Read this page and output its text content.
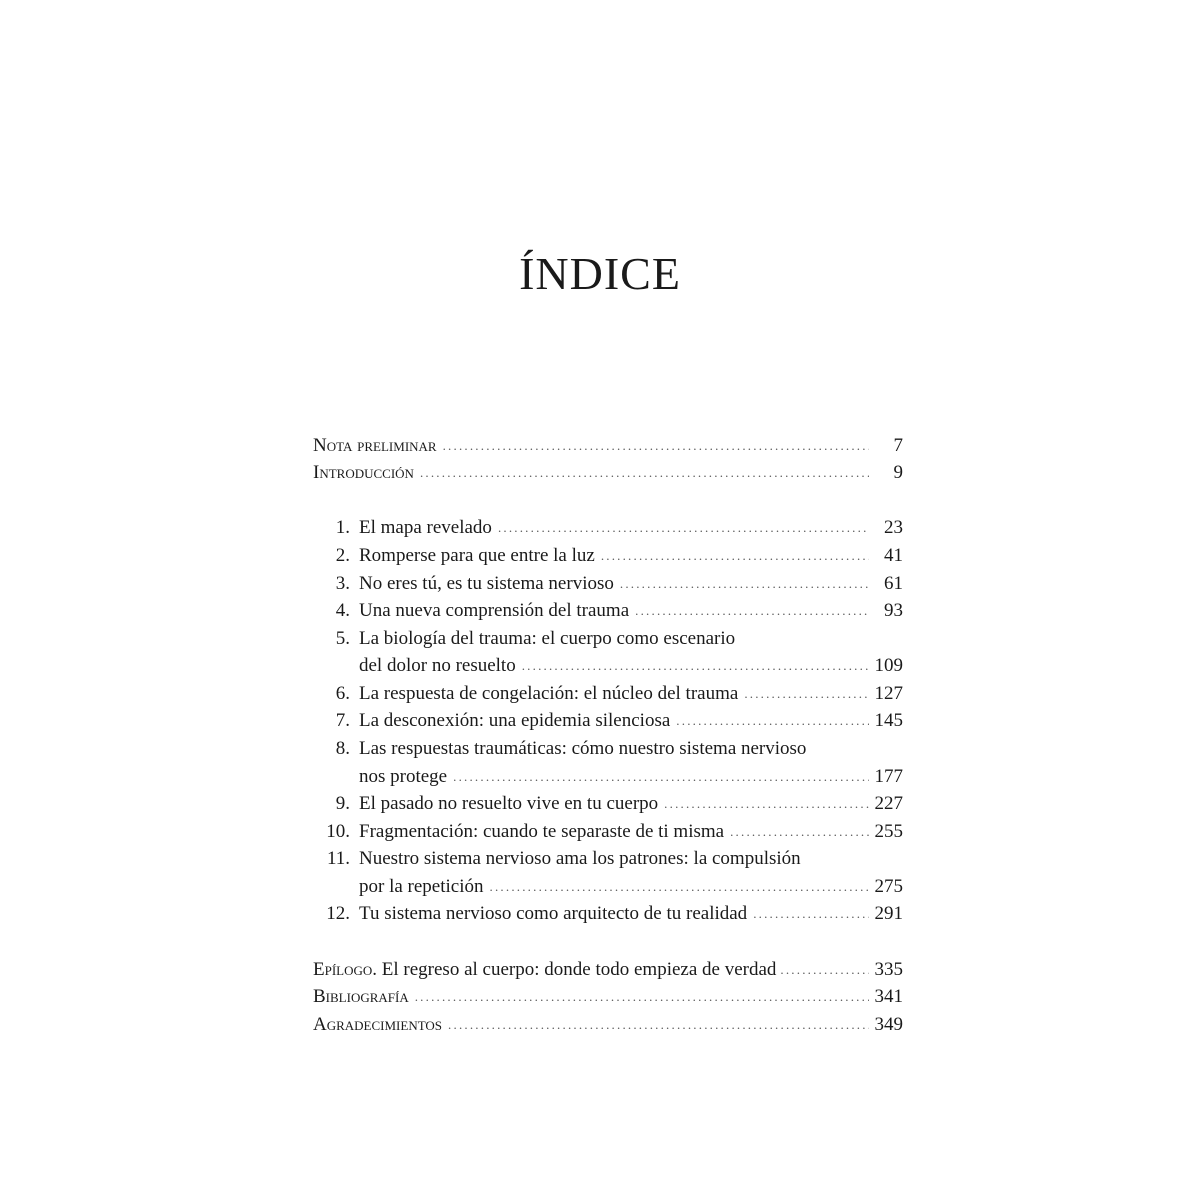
ÍNDICE
Nota preliminar .....	7
Introducción .....	9
1. El mapa revelado .....	23
2. Romperse para que entre la luz .....	41
3. No eres tú, es tu sistema nervioso .....	61
4. Una nueva comprensión del trauma .....	93
5. La biología del trauma: el cuerpo como escenario
del dolor no resuelto .....	109
6. La respuesta de congelación: el núcleo del trauma .....	127
7. La desconexión: una epidemia silenciosa .....	145
8. Las respuestas traumáticas: cómo nuestro sistema nervioso
nos protege .....	177
9. El pasado no resuelto vive en tu cuerpo .....	227
10. Fragmentación: cuando te separaste de ti misma .....	255
11. Nuestro sistema nervioso ama los patrones: la compulsión
por la repetición .....	275
12. Tu sistema nervioso como arquitecto de tu realidad .....	291
Epílogo. El regreso al cuerpo: donde todo empieza de verdad .....	335
Bibliografía .....	341
Agradecimientos .....	349
